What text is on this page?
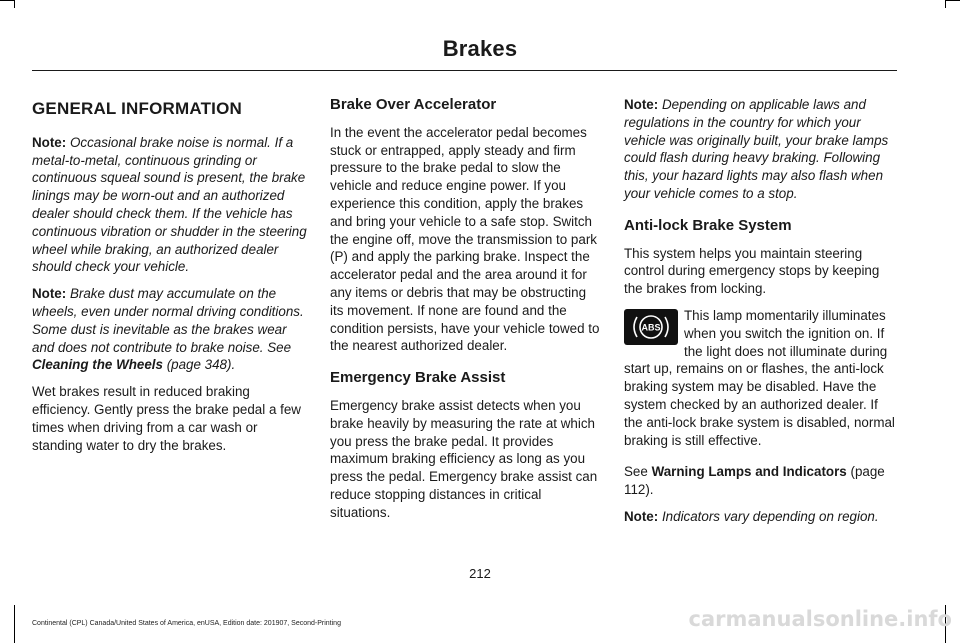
Brakes
GENERAL INFORMATION

Note: Occasional brake noise is normal. If a metal-to-metal, continuous grinding or continuous squeal sound is present, the brake linings may be worn-out and an authorized dealer should check them. If the vehicle has continuous vibration or shudder in the steering wheel while braking, an authorized dealer should check your vehicle.

Note: Brake dust may accumulate on the wheels, even under normal driving conditions. Some dust is inevitable as the brakes wear and does not contribute to brake noise. See Cleaning the Wheels (page 348).

Wet brakes result in reduced braking efficiency. Gently press the brake pedal a few times when driving from a car wash or standing water to dry the brakes.

Brake Over Accelerator

In the event the accelerator pedal becomes stuck or entrapped, apply steady and firm pressure to the brake pedal to slow the vehicle and reduce engine power. If you experience this condition, apply the brakes and bring your vehicle to a safe stop. Switch the engine off, move the transmission to park (P) and apply the parking brake. Inspect the accelerator pedal and the area around it for any items or debris that may be obstructing its movement. If none are found and the condition persists, have your vehicle towed to the nearest authorized dealer.

Emergency Brake Assist

Emergency brake assist detects when you brake heavily by measuring the rate at which you press the brake pedal. It provides maximum braking efficiency as long as you press the pedal. Emergency brake assist can reduce stopping distances in critical situations.

Note: Depending on applicable laws and regulations in the country for which your vehicle was originally built, your brake lamps could flash during heavy braking. Following this, your hazard lights may also flash when your vehicle comes to a stop.

Anti-lock Brake System

This system helps you maintain steering control during emergency stops by keeping the brakes from locking.

ABS
This lamp momentarily illuminates when you switch the ignition on. If the light does not illuminate during start up, remains on or flashes, the anti-lock braking system may be disabled. Have the system checked by an authorized dealer. If the anti-lock brake system is disabled, normal braking is still effective.

See Warning Lamps and Indicators (page 112).

Note: Indicators vary depending on region.

212
Continental (CPL) Canada/United States of America, enUSA, Edition date: 201907, Second-Printing	carmanualsonline.info
